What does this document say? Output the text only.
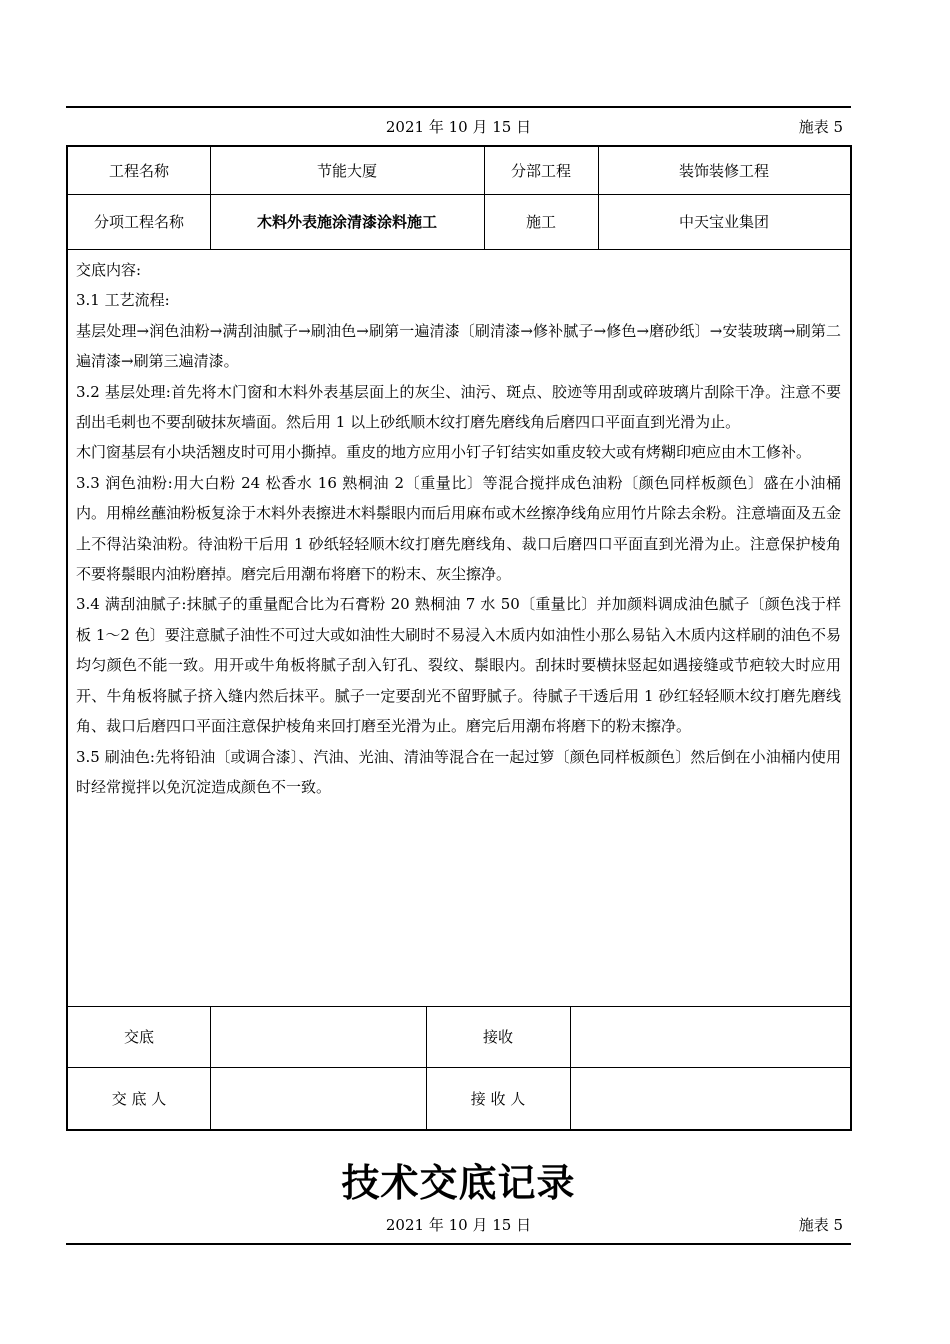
2021 年 10 月 15 日	施表 5
工程名称	节能大厦	分部工程	装饰装修工程
分项工程名称	木料外表施涂清漆涂料施工	施工	中天宝业集团

交底内容:

3.1 工艺流程:

基层处理→润色油粉→满刮油腻子→刷油色→刷第一遍清漆〔刷清漆→修补腻子→修色→磨砂纸〕→安装玻璃→刷第二遍清漆→刷第三遍清漆。

3.2 基层处理:首先将木门窗和木料外表基层面上的灰尘、油污、斑点、胶迹等用刮或碎玻璃片刮除干净。注意不要刮出毛刺也不要刮破抹灰墙面。然后用 1 以上砂纸顺木纹打磨先磨线角后磨四口平面直到光滑为止。

木门窗基层有小块活翘皮时可用小撕掉。重皮的地方应用小钉子钉结实如重皮较大或有烤糊印疤应由木工修补。

3.3 润色油粉:用大白粉 24 松香水 16 熟桐油 2〔重量比〕等混合搅拌成色油粉〔颜色同样板颜色〕盛在小油桶内。用棉丝蘸油粉板复涂于木料外表擦进木料鬃眼内而后用麻布或木丝擦净线角应用竹片除去余粉。注意墙面及五金上不得沾染油粉。待油粉干后用 1 砂纸轻轻顺木纹打磨先磨线角、裁口后磨四口平面直到光滑为止。注意保护棱角不要将鬃眼内油粉磨掉。磨完后用潮布将磨下的粉末、灰尘擦净。

3.4 满刮油腻子:抹腻子的重量配合比为石膏粉 20 熟桐油 7 水 50〔重量比〕并加颜料调成油色腻子〔颜色浅于样板 1～2 色〕要注意腻子油性不可过大或如油性大刷时不易浸入木质内如油性小那么易钻入木质内这样刷的油色不易均匀颜色不能一致。用开或牛角板将腻子刮入钉孔、裂纹、鬃眼内。刮抹时要横抹竖起如遇接缝或节疤较大时应用开、牛角板将腻子挤入缝内然后抹平。腻子一定要刮光不留野腻子。待腻子干透后用 1 砂红轻轻顺木纹打磨先磨线角、裁口后磨四口平面注意保护棱角来回打磨至光滑为止。磨完后用潮布将磨下的粉末擦净。

3.5 刷油色:先将铅油〔或调合漆〕、汽油、光油、清油等混合在一起过箩〔颜色同样板颜色〕然后倒在小油桶内使用时经常搅拌以免沉淀造成颜色不一致。

交底	接收
交 底 人	接 收 人
技术交底记录
2021 年 10 月 15 日	施表 5
